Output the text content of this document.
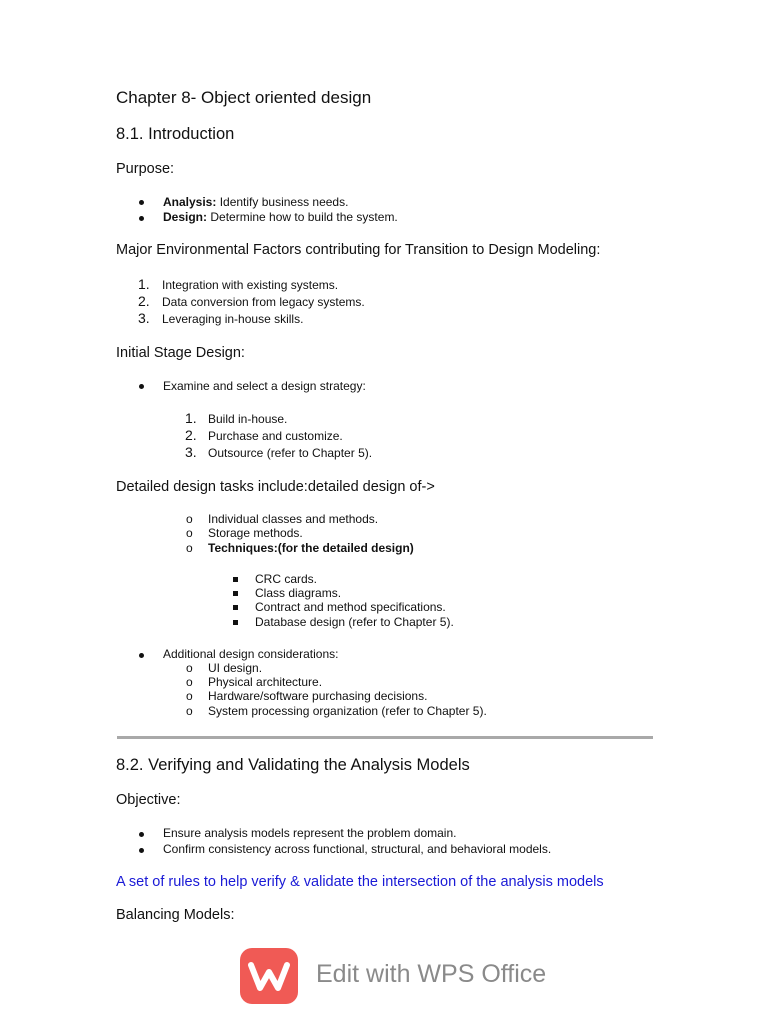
Chapter 8- Object oriented design
8.1. Introduction
Purpose:
Analysis: Identify business needs.
Design: Determine how to build the system.
Major Environmental Factors contributing for Transition to Design Modeling:
1. Integration with existing systems.
2. Data conversion from legacy systems.
3. Leveraging in-house skills.
Initial Stage Design:
Examine and select a design strategy:
1. Build in-house.
2. Purchase and customize.
3. Outsource (refer to Chapter 5).
Detailed design tasks include:detailed design of->
o Individual classes and methods.
o Storage methods.
o Techniques:(for the detailed design)
CRC cards.
Class diagrams.
Contract and method specifications.
Database design (refer to Chapter 5).
Additional design considerations:
o UI design.
o Physical architecture.
o Hardware/software purchasing decisions.
o System processing organization (refer to Chapter 5).
8.2. Verifying and Validating the Analysis Models
Objective:
Ensure analysis models represent the problem domain.
Confirm consistency across functional, structural, and behavioral models.
A set of rules to help verify & validate the intersection of the analysis models
Balancing Models:
Edit with WPS Office
